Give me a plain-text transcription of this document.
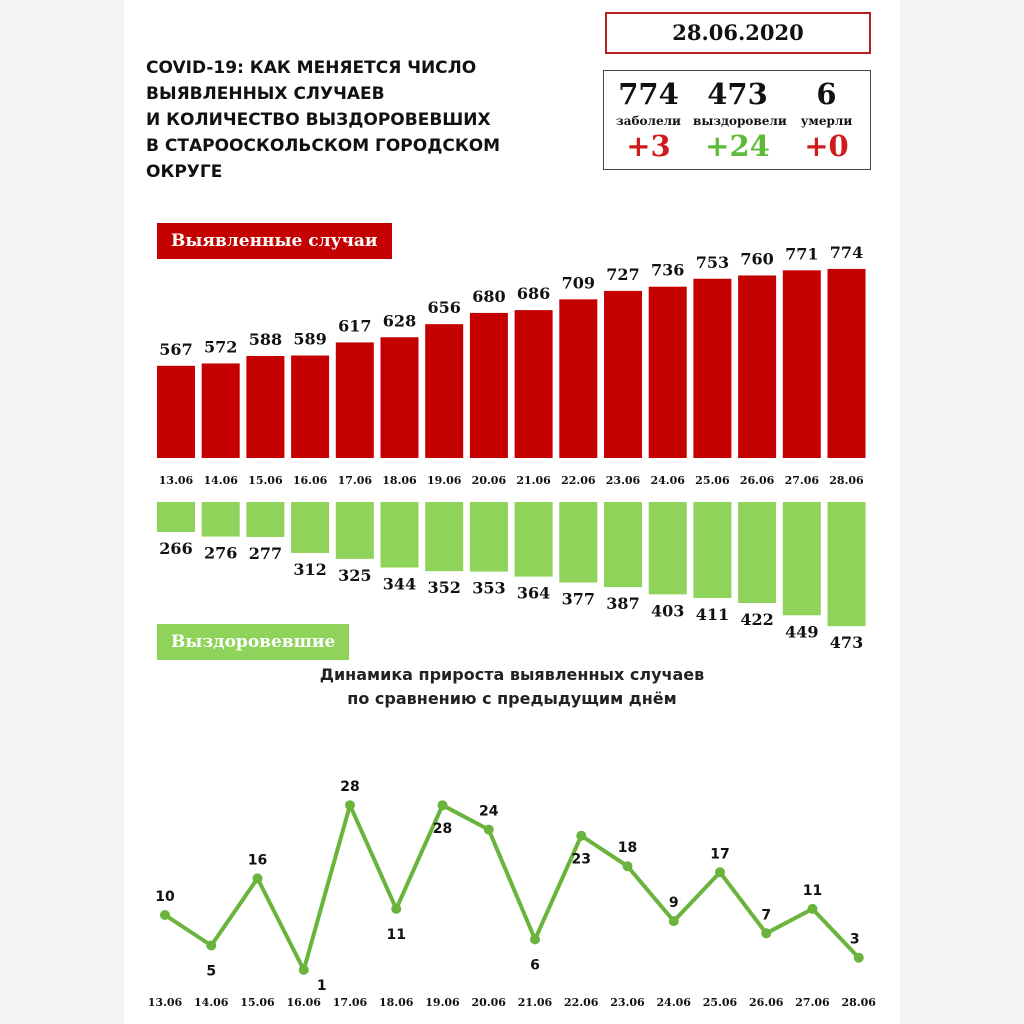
COVID-19: КАК МЕНЯЕТСЯ ЧИСЛО
ВЫЯВЛЕННЫХ СЛУЧАЕВ
И КОЛИЧЕСТВО ВЫЗДОРОВЕВШИХ
В СТАРООСКОЛЬСКОМ ГОРОДСКОМ
ОКРУГЕ
28.06.2020
774
заболели
+3
473
выздоровели
+24
6
умерли
+0
Выявленные случаи
567
13.06
572
14.06
588
15.06
589
16.06
617
17.06
628
18.06
656
19.06
680
20.06
686
21.06
709
22.06
727
23.06
736
24.06
753
25.06
760
26.06
771
27.06
774
28.06
266 276 277
312 325 344 352 353 364 377 387 403 411 422
449
473
10
13.06
5
14.06
16
15.06
1
16.06
28
17.06
11
18.06
28
19.06
24
20.06
6
21.06
23
22.06
18
23.06
9
24.06
17
25.06
7
26.06
11
27.06
3
28.06
Выздоровевшие
Динамика прироста выявленных случаев
по сравнению с предыдущим днём
